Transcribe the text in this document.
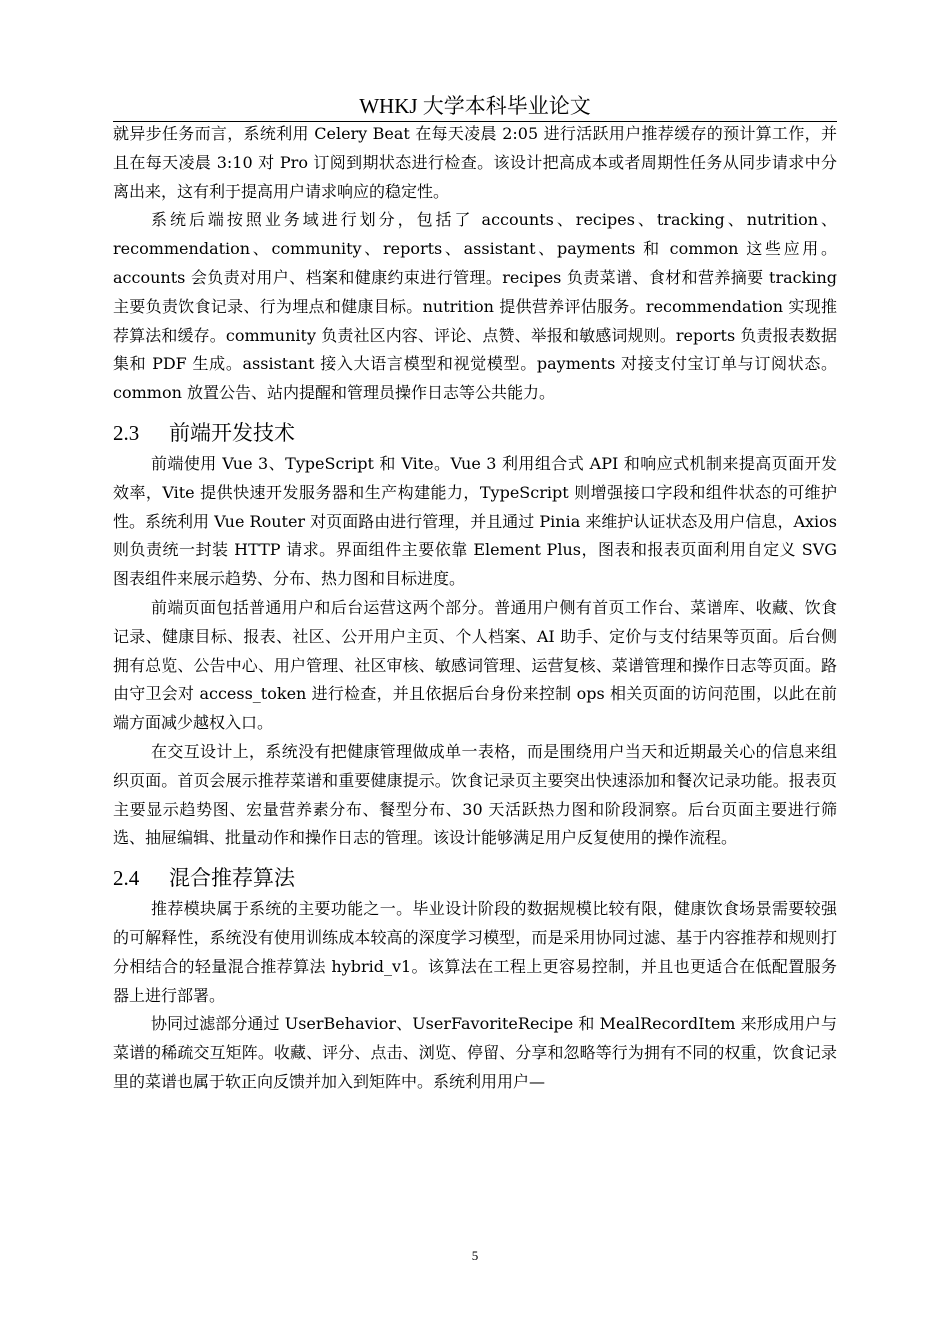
WHKJ 大学本科毕业论文

就异步任务而言，系统利用 Celery Beat 在每天凌晨 2:05 进行活跃用户推荐缓存的预计算工作，并且在每天凌晨 3:10 对 Pro 订阅到期状态进行检查。该设计把高成本或者周期性任务从同步请求中分离出来，这有利于提高用户请求响应的稳定性。

系统后端按照业务域进行划分，包括了 accounts、recipes、tracking、nutrition、recommendation、community、reports、assistant、payments 和 common 这些应用。accounts 会负责对用户、档案和健康约束进行管理。recipes 负责菜谱、食材和营养摘要 tracking 主要负责饮食记录、行为埋点和健康目标。nutrition 提供营养评估服务。recommendation 实现推荐算法和缓存。community 负责社区内容、评论、点赞、举报和敏感词规则。reports 负责报表数据集和 PDF 生成。assistant 接入大语言模型和视觉模型。payments 对接支付宝订单与订阅状态。common 放置公告、站内提醒和管理员操作日志等公共能力。

2.3 前端开发技术

前端使用 Vue 3、TypeScript 和 Vite。Vue 3 利用组合式 API 和响应式机制来提高页面开发效率，Vite 提供快速开发服务器和生产构建能力，TypeScript 则增强接口字段和组件状态的可维护性。系统利用 Vue Router 对页面路由进行管理，并且通过 Pinia 来维护认证状态及用户信息，Axios 则负责统一封装 HTTP 请求。界面组件主要依靠 Element Plus，图表和报表页面利用自定义 SVG 图表组件来展示趋势、分布、热力图和目标进度。

前端页面包括普通用户和后台运营这两个部分。普通用户侧有首页工作台、菜谱库、收藏、饮食记录、健康目标、报表、社区、公开用户主页、个人档案、AI 助手、定价与支付结果等页面。后台侧拥有总览、公告中心、用户管理、社区审核、敏感词管理、运营复核、菜谱管理和操作日志等页面。路由守卫会对 access_token 进行检查，并且依据后台身份来控制 ops 相关页面的访问范围，以此在前端方面减少越权入口。

在交互设计上，系统没有把健康管理做成单一表格，而是围绕用户当天和近期最关心的信息来组织页面。首页会展示推荐菜谱和重要健康提示。饮食记录页主要突出快速添加和餐次记录功能。报表页主要显示趋势图、宏量营养素分布、餐型分布、30 天活跃热力图和阶段洞察。后台页面主要进行筛选、抽屉编辑、批量动作和操作日志的管理。该设计能够满足用户反复使用的操作流程。

2.4 混合推荐算法

推荐模块属于系统的主要功能之一。毕业设计阶段的数据规模比较有限，健康饮食场景需要较强的可解释性，系统没有使用训练成本较高的深度学习模型，而是采用协同过滤、基于内容推荐和规则打分相结合的轻量混合推荐算法 hybrid_v1。该算法在工程上更容易控制，并且也更适合在低配置服务器上进行部署。

协同过滤部分通过 UserBehavior、UserFavoriteRecipe 和 MealRecordItem 来形成用户与菜谱的稀疏交互矩阵。收藏、评分、点击、浏览、停留、分享和忽略等行为拥有不同的权重，饮食记录里的菜谱也属于软正向反馈并加入到矩阵中。系统利用用户—

5
